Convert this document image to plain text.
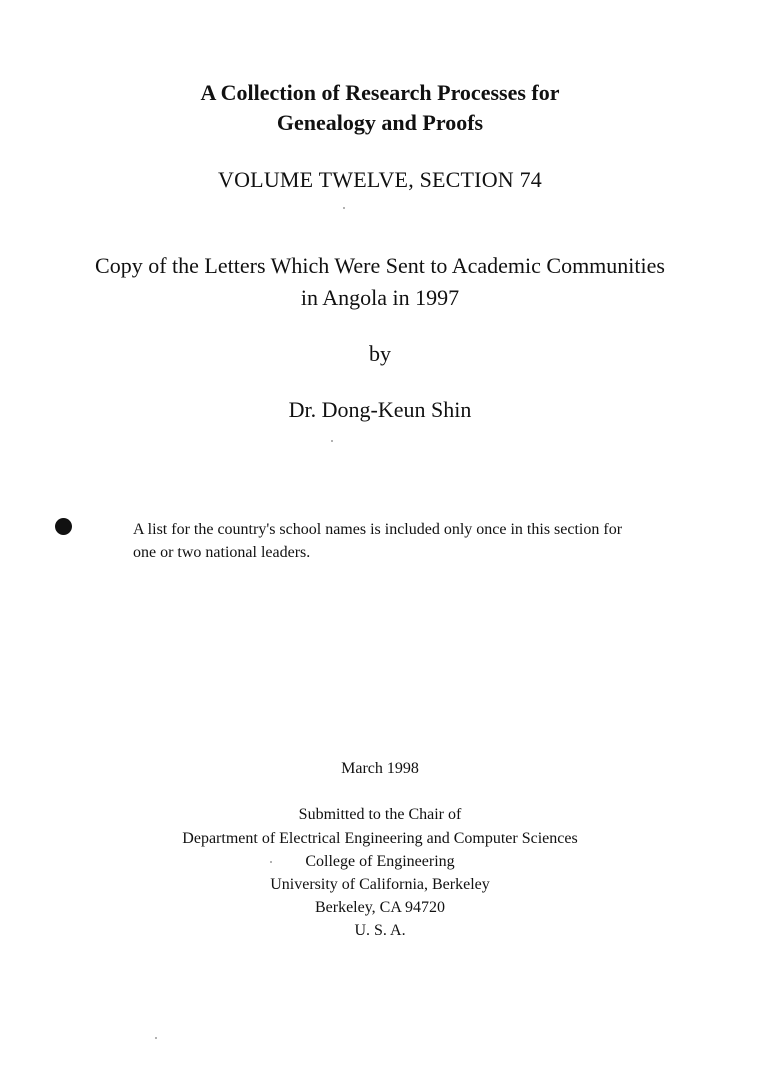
A Collection of Research Processes for
Genealogy and Proofs
VOLUME TWELVE, SECTION 74
Copy of the Letters Which Were Sent to Academic Communities
in Angola in 1997
by
Dr. Dong-Keun Shin
A list for the country's school names is included only once in this section for
one or two national leaders.
March 1998
Submitted to the Chair of
Department of Electrical Engineering and Computer Sciences
College of Engineering
University of California, Berkeley
Berkeley, CA 94720
U. S. A.
